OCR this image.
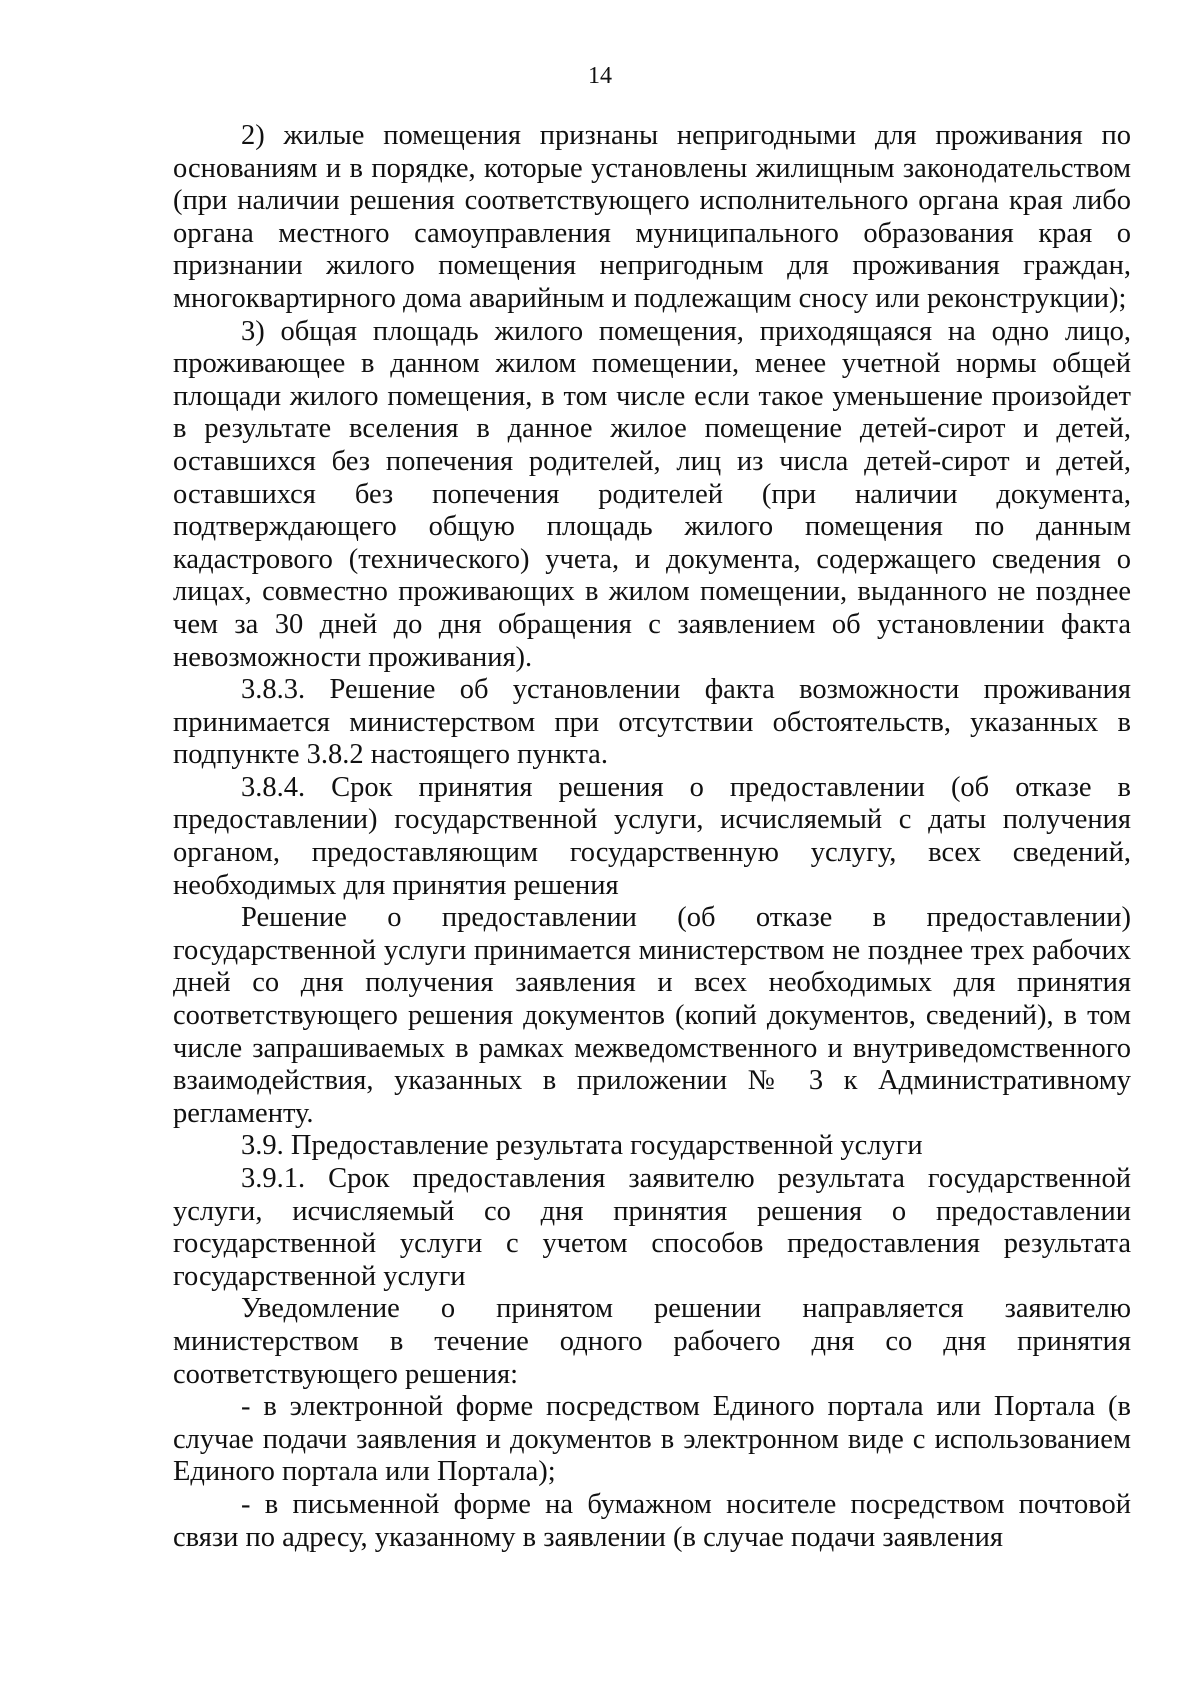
14

2) жилые помещения признаны непригодными для проживания по основаниям и в порядке, которые установлены жилищным законодательством (при наличии решения соответствующего исполнительного органа края либо органа местного самоуправления муниципального образования края о признании жилого помещения непригодным для проживания граждан, многоквартирного дома аварийным и подлежащим сносу или реконструкции);

3) общая площадь жилого помещения, приходящаяся на одно лицо, проживающее в данном жилом помещении, менее учетной нормы общей площади жилого помещения, в том числе если такое уменьшение произойдет в результате вселения в данное жилое помещение детей-сирот и детей, оставшихся без попечения родителей, лиц из числа детей-сирот и детей, оставшихся без попечения родителей (при наличии документа, подтверждающего общую площадь жилого помещения по данным кадастрового (технического) учета, и документа, содержащего сведения о лицах, совместно проживающих в жилом помещении, выданного не позднее чем за 30 дней до дня обращения с заявлением об установлении факта невозможности проживания).

3.8.3. Решение об установлении факта возможности проживания принимается министерством при отсутствии обстоятельств, указанных в подпункте 3.8.2 настоящего пункта.

3.8.4. Срок принятия решения о предоставлении (об отказе в предоставлении) государственной услуги, исчисляемый с даты получения органом, предоставляющим государственную услугу, всех сведений, необходимых для принятия решения

Решение о предоставлении (об отказе в предоставлении) государственной услуги принимается министерством не позднее трех рабочих дней со дня получения заявления и всех необходимых для принятия соответствующего решения документов (копий документов, сведений), в том числе запрашиваемых в рамках межведомственного и внутриведомственного взаимодействия, указанных в приложении № 3 к Административному регламенту.

3.9. Предоставление результата государственной услуги

3.9.1. Срок предоставления заявителю результата государственной услуги, исчисляемый со дня принятия решения о предоставлении государственной услуги с учетом способов предоставления результата государственной услуги

Уведомление о принятом решении направляется заявителю министерством в течение одного рабочего дня со дня принятия соответствующего решения:

- в электронной форме посредством Единого портала или Портала (в случае подачи заявления и документов в электронном виде с использованием Единого портала или Портала);

- в письменной форме на бумажном носителе посредством почтовой связи по адресу, указанному в заявлении (в случае подачи заявления
